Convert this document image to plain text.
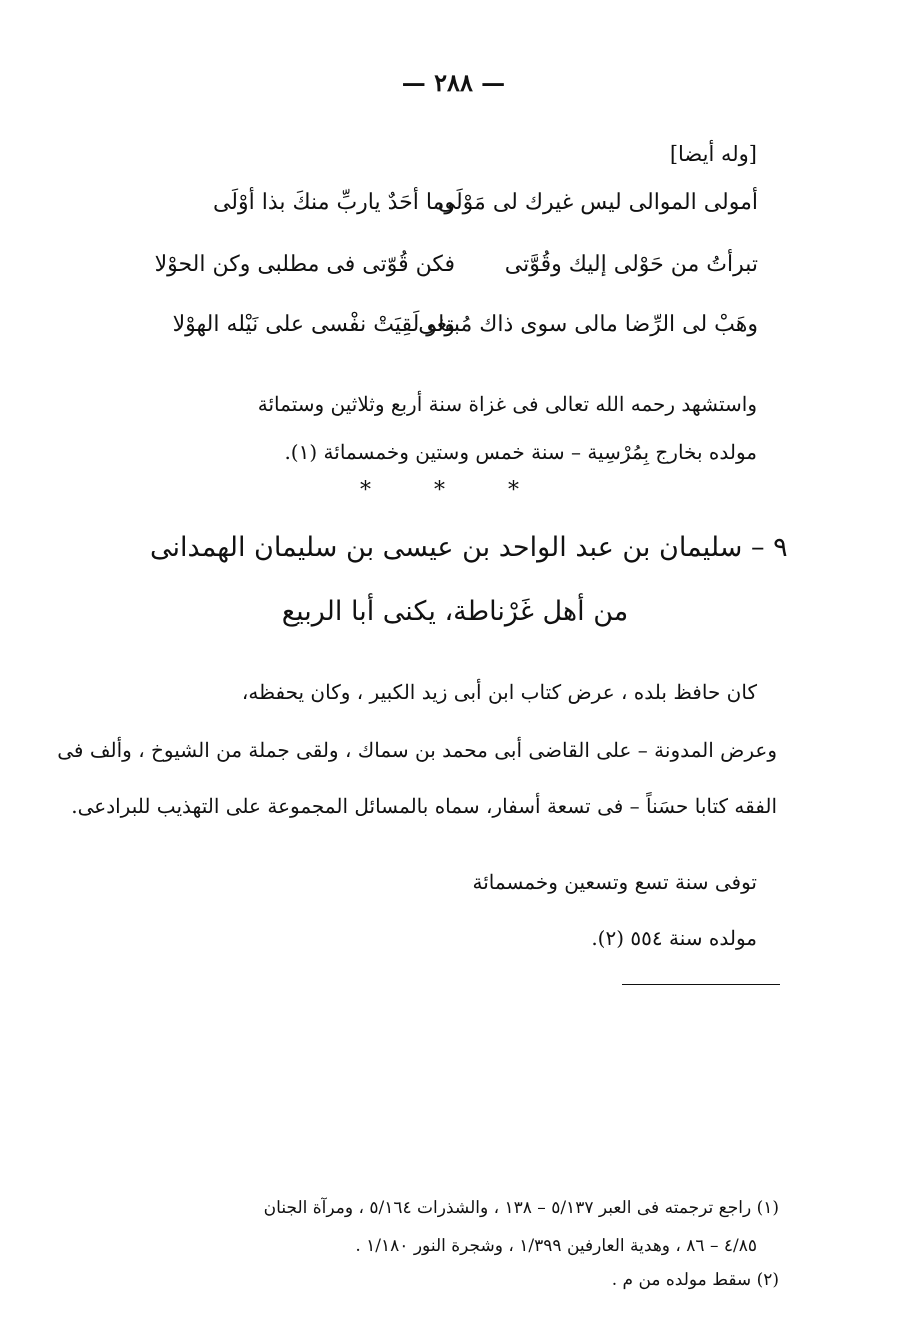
— ٢٨٨ —
[وله أيضا]
أمولى الموالى ليس غيرك لى مَوْلَى
وما أحَدٌ ياربِّ منكَ بذا أوْلَى
تبرأتُ من حَوْلى إليك وقُوَّتى
فكن قُوّتى فى مطلبى وكن الحوْلا
وهَبْ لى الرِّضا مالى سوى ذاك مُبتغى
ولو لَقِيَتْ نفْسى على نَيْله الهوْلا
واستشهد رحمه الله تعالى فى غزاة سنة أربع وثلاثين وستمائة
مولده بخارج بِمُرْسِية – سنة خمس وستين وخمسمائة (١).
* * *
٩ – سليمان بن عبد الواحد بن عيسى بن سليمان الهمدانى
من أهل غَرْناطة، يكنى أبا الربيع
كان حافظ بلده ، عرض كتاب ابن أبى زيد الكبير ، وكان يحفظه،
وعرض المدونة – على القاضى أبى محمد بن سماك ، ولقى جملة من الشيوخ ، وألف فى
الفقه كتابا حسَناً – فى تسعة أسفار، سماه بالمسائل المجموعة على التهذيب للبرادعى.
توفى سنة تسع وتسعين وخمسمائة
مولده سنة ٥٥٤ (٢).
(١) راجع ترجمته فى العبر ٥/١٣٧ – ١٣٨ ، والشذرات ٥/١٦٤ ، ومرآة الجنان
٤/٨٥ – ٨٦ ، وهدية العارفين ١/٣٩٩ ، وشجرة النور ١/١٨٠ .
(٢) سقط مولده من م .
